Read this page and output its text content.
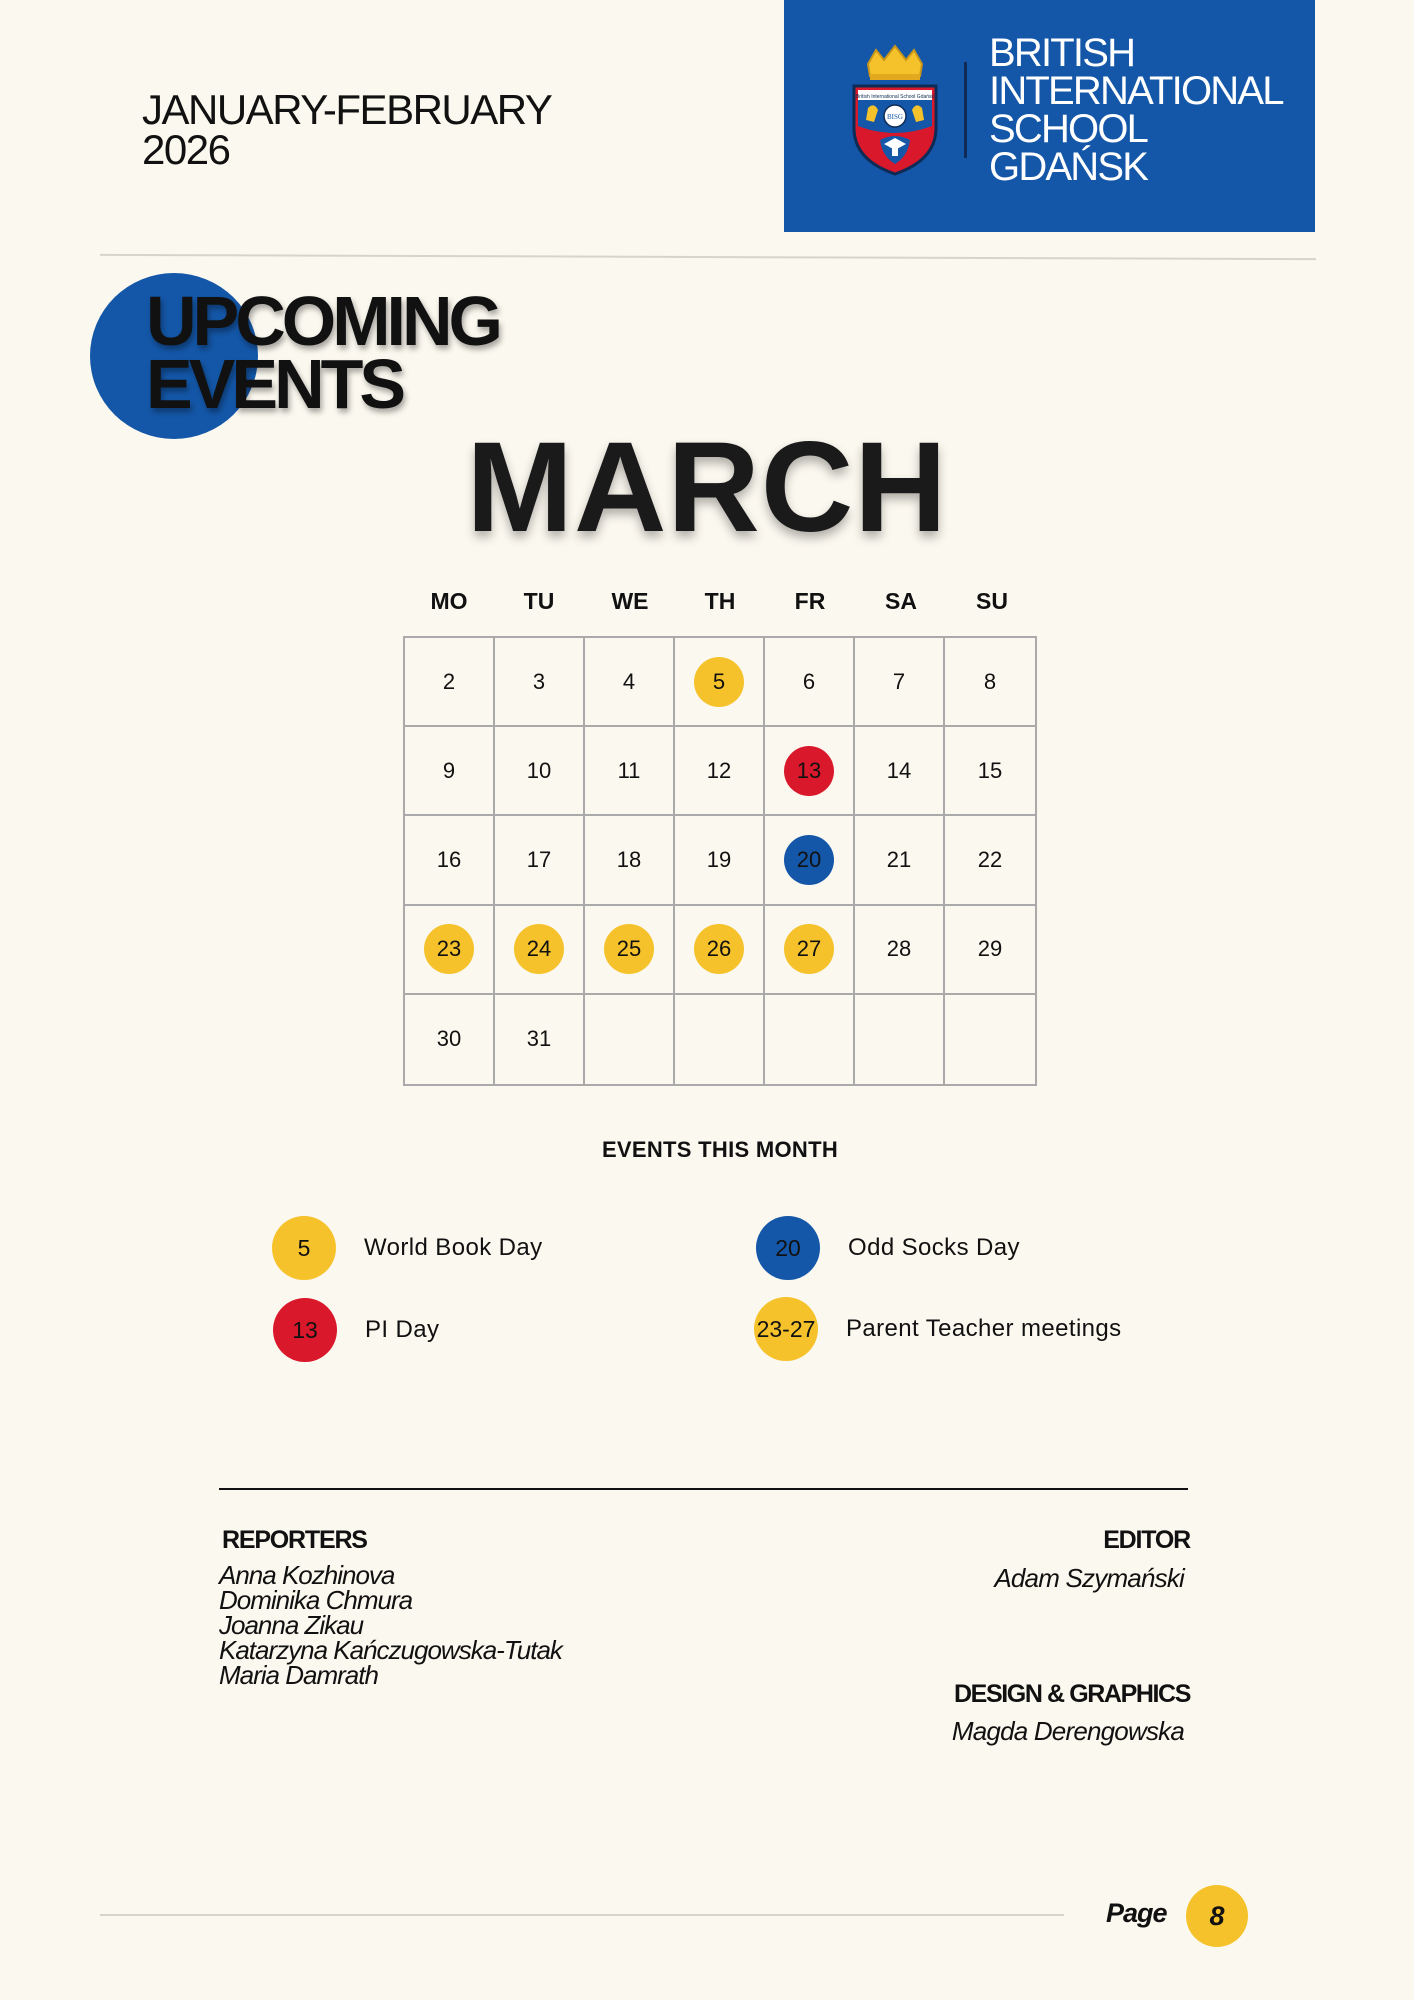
JANUARY-FEBRUARY
2026
British International School Gdańsk
BISG
BRITISH
INTERNATIONAL
SCHOOL
GDAŃSK
UPCOMING
EVENTS
MARCH
MO	TU	WE	TH	FR	SA	SU
2	3	4	5	6	7	8
9	10	11	12	13	14	15
16	17	18	19	20	21	22
23	24	25	26	27	28	29
30	31
EVENTS THIS MONTH
5	World Book Day	20	Odd Socks Day
13	PI Day	23-27 Parent Teacher meetings
REPORTERS
Anna Kozhinova
Dominika Chmura
Joanna Zikau
Katarzyna Kańczugowska-Tutak
Maria Damrath
EDITOR
Adam Szymański
DESIGN & GRAPHICS
Magda Derengowska
Page	8
